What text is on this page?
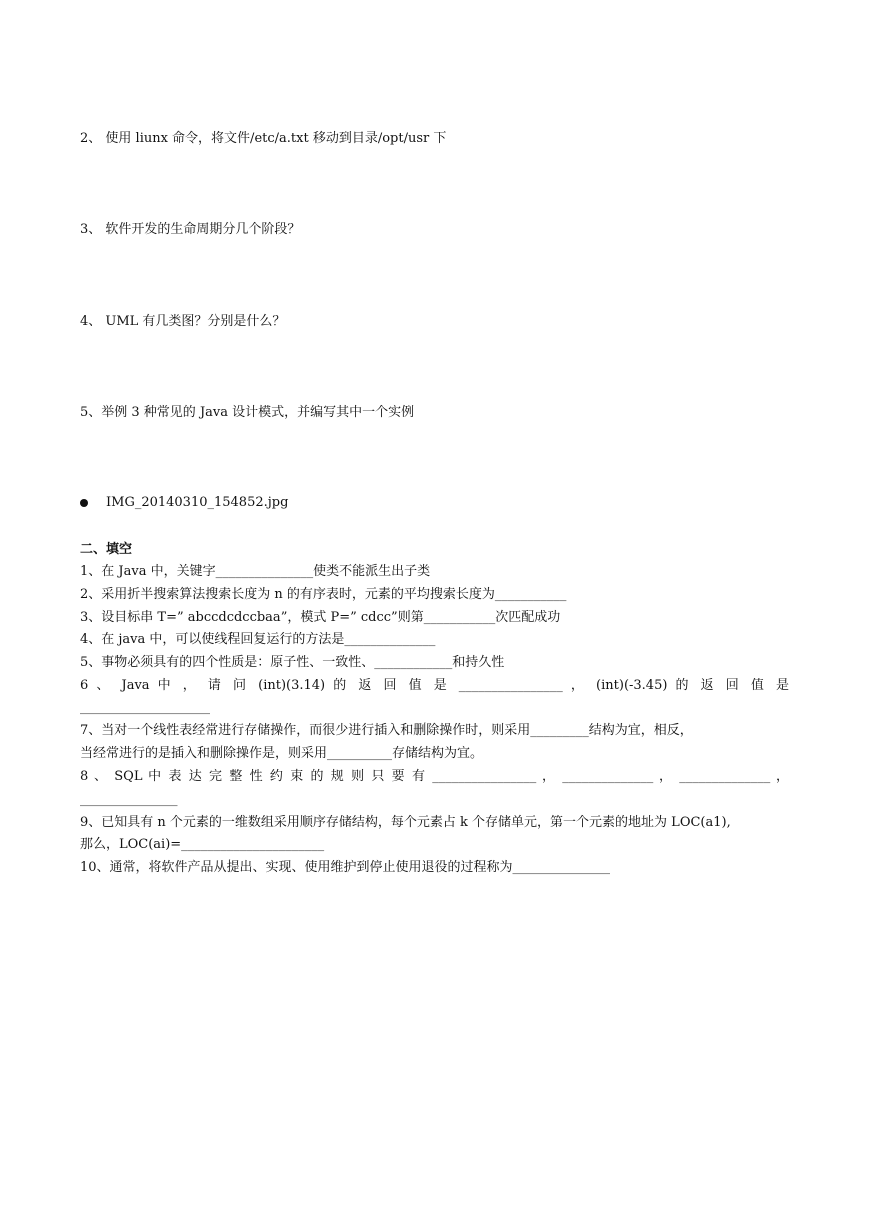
2、 使用 liunx 命令，将文件/etc/a.txt 移动到目录/opt/usr 下
3、 软件开发的生命周期分几个阶段？
4、 UML 有几类图？分别是什么？
5、举例 3 种常见的 Java 设计模式，并编写其中一个实例
IMG_20140310_154852.jpg
二、填空
1、在 Java 中，关键字_______________使类不能派生出子类
2、采用折半搜索算法搜索长度为 n 的有序表时，元素的平均搜索长度为___________
3、设目标串 T=” abccdcdccbaa”，模式 P=” cdcc”则第___________次匹配成功
4、在 java 中，可以使线程回复运行的方法是______________
5、事物必须具有的四个性质是：原子性、一致性、____________和持久性
6 、 Java 中 ， 请 问 (int)(3.14) 的 返 回 值 是 ________________ ， (int)(-3.45) 的 返 回 值 是
____________________
7、当对一个线性表经常进行存储操作，而很少进行插入和删除操作时，则采用_________结构为宜，相反，
当经常进行的是插入和删除操作是，则采用__________存储结构为宜。
8 、 SQL 中 表 达 完 整 性 约 束 的 规 则 只 要 有 ________________ ， ______________ ， ______________ ，
_______________
9、已知具有 n 个元素的一维数组采用顺序存储结构，每个元素占 k 个存储单元，第一个元素的地址为 LOC(a1),
那么，LOC(ai)=______________________
10、通常，将软件产品从提出、实现、使用维护到停止使用退役的过程称为_______________
